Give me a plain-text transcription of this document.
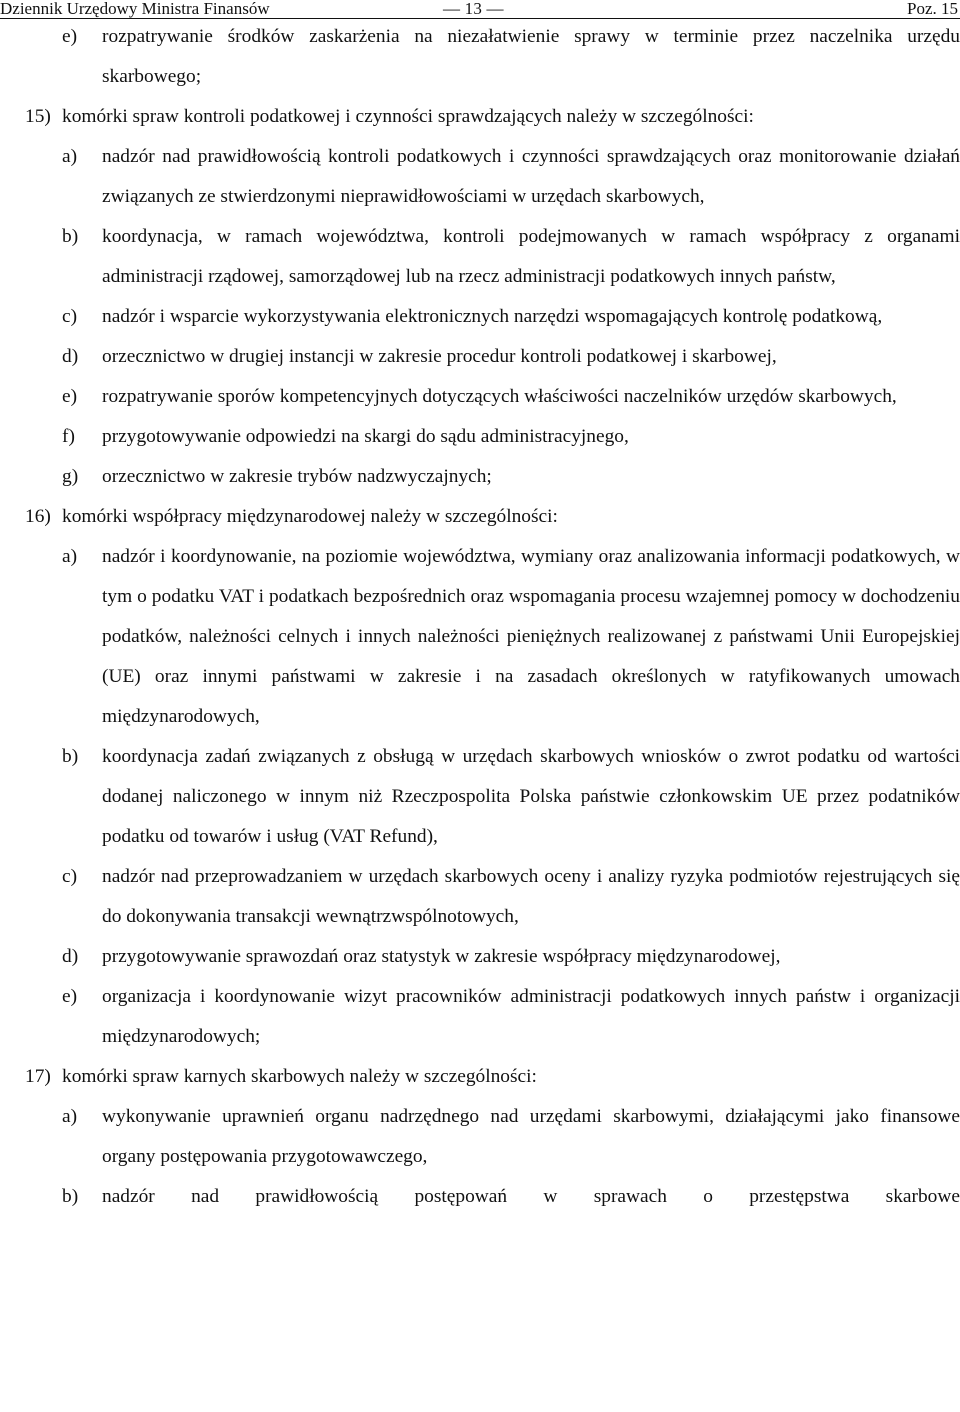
Dziennik Urzędowy Ministra Finansów	— 13 —	Poz. 15
e)	rozpatrywanie środków zaskarżenia na niezałatwienie sprawy w terminie przez naczelnika urzędu skarbowego;
15) komórki spraw kontroli podatkowej i czynności sprawdzających należy w szczególności:
a)	nadzór nad prawidłowością kontroli podatkowych i czynności sprawdzających oraz monitorowanie działań związanych ze stwierdzonymi nieprawidłowościami w urzędach skarbowych,
b)	koordynacja, w ramach województwa, kontroli podejmowanych w ramach współpracy z organami administracji rządowej, samorządowej lub na rzecz administracji podatkowych innych państw,
c)	nadzór i wsparcie wykorzystywania elektronicznych narzędzi wspomagających kontrolę podatkową,
d)	orzecznictwo w drugiej instancji w zakresie procedur kontroli podatkowej i skarbowej,
e)	rozpatrywanie sporów kompetencyjnych dotyczących właściwości naczelników urzędów skarbowych,
f)	przygotowywanie odpowiedzi na skargi do sądu administracyjnego,
g)	orzecznictwo w zakresie trybów nadzwyczajnych;
16) komórki współpracy międzynarodowej należy w szczególności:
a)	nadzór i koordynowanie, na poziomie województwa, wymiany oraz analizowania informacji podatkowych, w tym o podatku VAT i podatkach bezpośrednich oraz wspomagania procesu wzajemnej pomocy w dochodzeniu podatków, należności celnych i innych należności pieniężnych realizowanej z państwami Unii Europejskiej (UE) oraz innymi państwami w zakresie i na zasadach określonych w ratyfikowanych umowach międzynarodowych,
b)	koordynacja zadań związanych z obsługą w urzędach skarbowych wniosków o zwrot podatku od wartości dodanej naliczonego w innym niż Rzeczpospolita Polska państwie członkowskim UE przez podatników podatku od towarów i usług (VAT Refund),
c)	nadzór nad przeprowadzaniem w urzędach skarbowych oceny i analizy ryzyka podmiotów rejestrujących się do dokonywania transakcji wewnątrzwspólnotowych,
d)	przygotowywanie sprawozdań oraz statystyk w zakresie współpracy międzynarodowej,
e)	organizacja i koordynowanie wizyt pracowników administracji podatkowych innych państw i organizacji międzynarodowych;
17) komórki spraw karnych skarbowych należy w szczególności:
a)	wykonywanie uprawnień organu nadrzędnego nad urzędami skarbowymi, działającymi jako finansowe organy postępowania przygotowawczego,
b)	nadzór nad prawidłowością postępowań w sprawach o przestępstwa skarbowe
